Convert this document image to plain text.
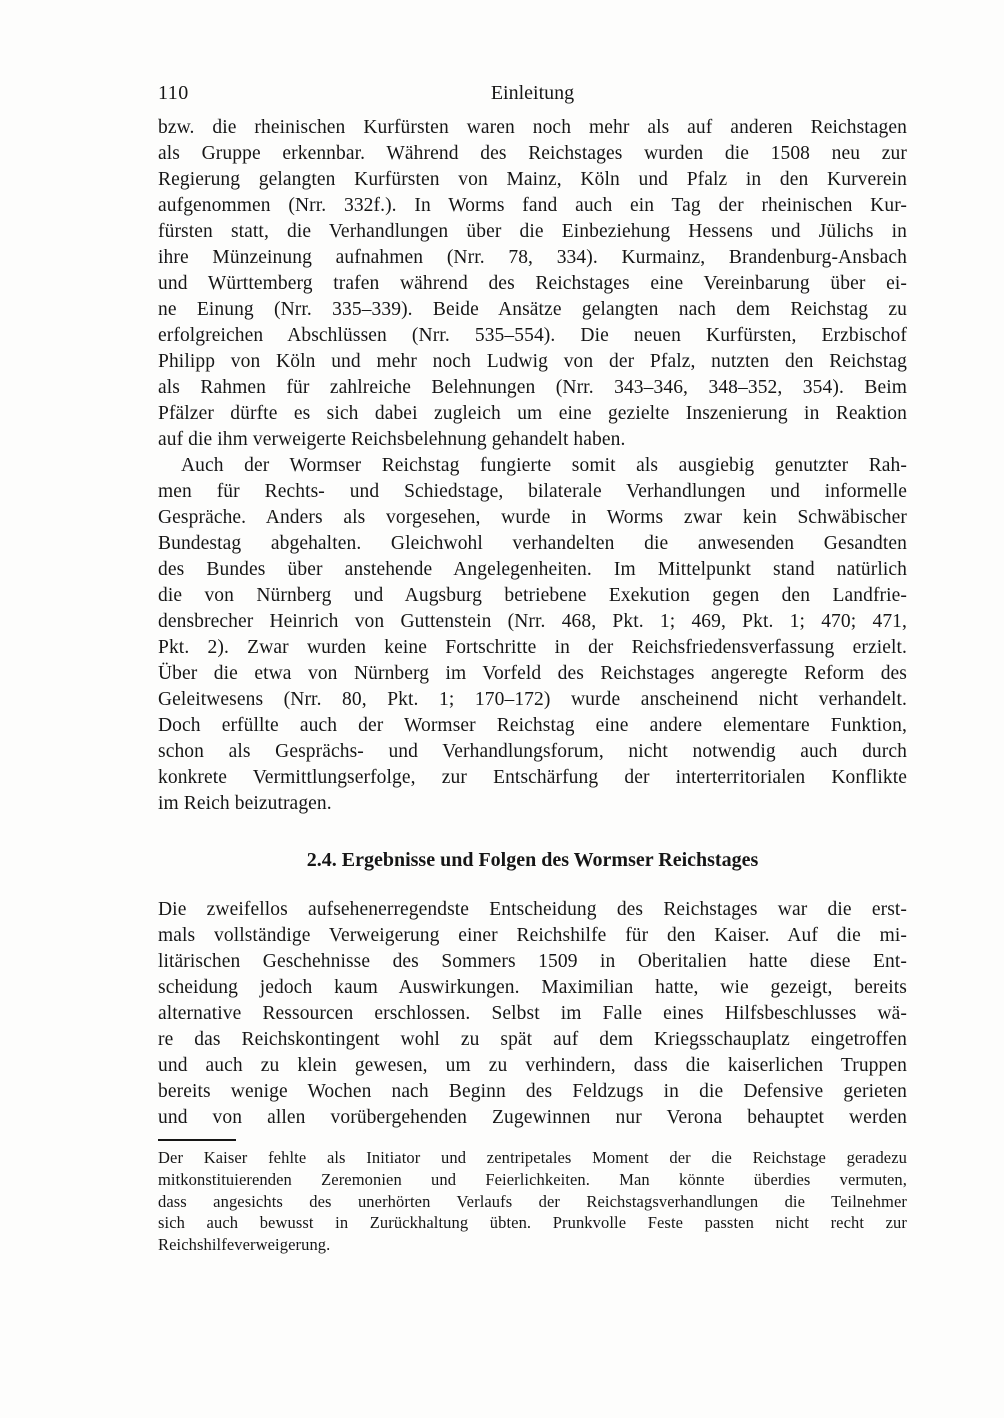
110	Einleitung
bzw. die rheinischen Kurfürsten waren noch mehr als auf anderen Reichstagen
als Gruppe erkennbar. Während des Reichstages wurden die 1508 neu zur
Regierung gelangten Kurfürsten von Mainz, Köln und Pfalz in den Kurverein
aufgenommen (Nrr. 332f.). In Worms fand auch ein Tag der rheinischen Kur-
fürsten statt, die Verhandlungen über die Einbeziehung Hessens und Jülichs in
ihre Münzeinung aufnahmen (Nrr. 78, 334). Kurmainz, Brandenburg-Ansbach
und Württemberg trafen während des Reichstages eine Vereinbarung über ei-
ne Einung (Nrr. 335–339). Beide Ansätze gelangten nach dem Reichstag zu
erfolgreichen Abschlüssen (Nrr. 535–554). Die neuen Kurfürsten, Erzbischof
Philipp von Köln und mehr noch Ludwig von der Pfalz, nutzten den Reichstag
als Rahmen für zahlreiche Belehnungen (Nrr. 343–346, 348–352, 354). Beim
Pfälzer dürfte es sich dabei zugleich um eine gezielte Inszenierung in Reaktion
auf die ihm verweigerte Reichsbelehnung gehandelt haben.
Auch der Wormser Reichstag fungierte somit als ausgiebig genutzter Rah-
men für Rechts- und Schiedstage, bilaterale Verhandlungen und informelle
Gespräche. Anders als vorgesehen, wurde in Worms zwar kein Schwäbischer
Bundestag abgehalten. Gleichwohl verhandelten die anwesenden Gesandten
des Bundes über anstehende Angelegenheiten. Im Mittelpunkt stand natürlich
die von Nürnberg und Augsburg betriebene Exekution gegen den Landfrie-
densbrecher Heinrich von Guttenstein (Nrr. 468, Pkt. 1; 469, Pkt. 1; 470; 471,
Pkt. 2). Zwar wurden keine Fortschritte in der Reichsfriedensverfassung erzielt.
Über die etwa von Nürnberg im Vorfeld des Reichstages angeregte Reform des
Geleitwesens (Nrr. 80, Pkt. 1; 170–172) wurde anscheinend nicht verhandelt.
Doch erfüllte auch der Wormser Reichstag eine andere elementare Funktion,
schon als Gesprächs- und Verhandlungsforum, nicht notwendig auch durch
konkrete Vermittlungserfolge, zur Entschärfung der interterritorialen Konflikte
im Reich beizutragen.
2.4. Ergebnisse und Folgen des Wormser Reichstages
Die zweifellos aufsehenerregendste Entscheidung des Reichstages war die erst-
mals vollständige Verweigerung einer Reichshilfe für den Kaiser. Auf die mi-
litärischen Geschehnisse des Sommers 1509 in Oberitalien hatte diese Ent-
scheidung jedoch kaum Auswirkungen. Maximilian hatte, wie gezeigt, bereits
alternative Ressourcen erschlossen. Selbst im Falle eines Hilfsbeschlusses wä-
re das Reichskontingent wohl zu spät auf dem Kriegsschauplatz eingetroffen
und auch zu klein gewesen, um zu verhindern, dass die kaiserlichen Truppen
bereits wenige Wochen nach Beginn des Feldzugs in die Defensive gerieten
und von allen vorübergehenden Zugewinnen nur Verona behauptet werden
Der Kaiser fehlte als Initiator und zentripetales Moment der die Reichstage geradezu
mitkonstituierenden Zeremonien und Feierlichkeiten. Man könnte überdies vermuten,
dass angesichts des unerhörten Verlaufs der Reichstagsverhandlungen die Teilnehmer
sich auch bewusst in Zurückhaltung übten. Prunkvolle Feste passten nicht recht zur
Reichshilfeverweigerung.
